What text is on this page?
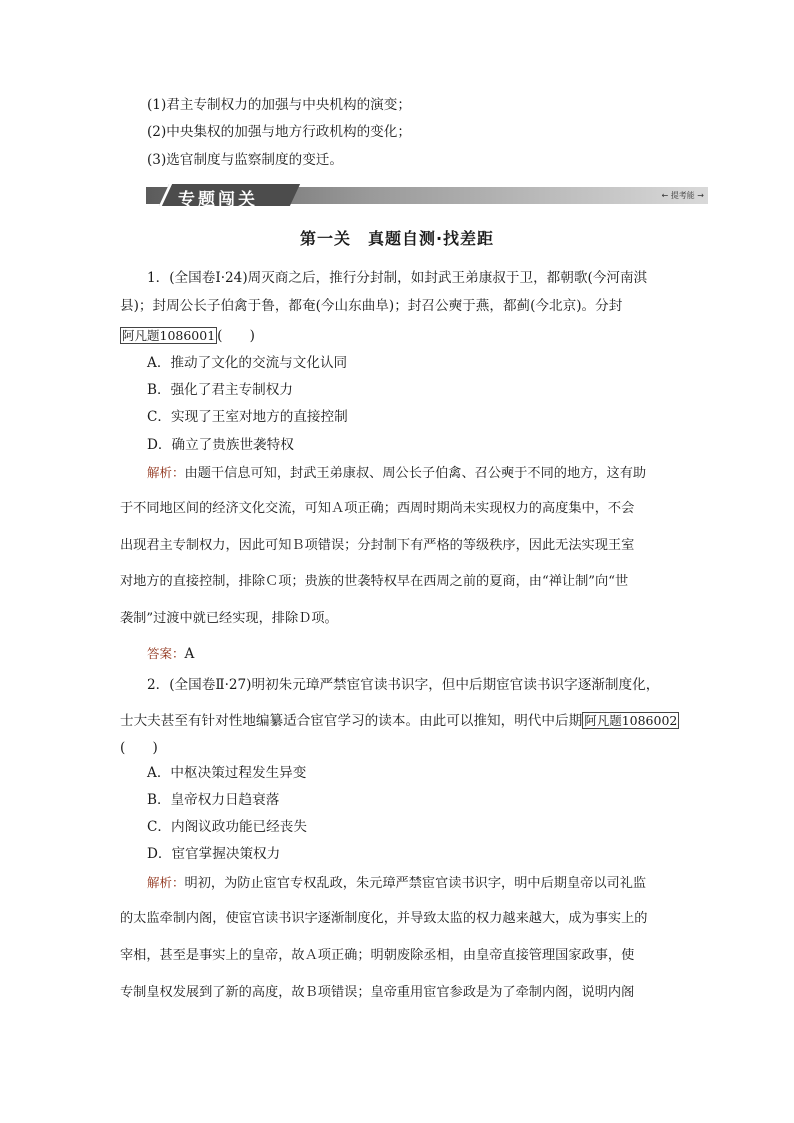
(1)君主专制权力的加强与中央机构的演变；
(2)中央集权的加强与地方行政机构的变化；
(3)选官制度与监察制度的变迁。
专题闯关	← 提考能 →
第一关　真题自测·找差距
1．(全国卷Ⅰ·24)周灭商之后，推行分封制，如封武王弟康叔于卫，都朝歌(今河南淇
县)；封周公长子伯禽于鲁，都奄(今山东曲阜)；封召公奭于燕，都蓟(今北京)。分封
阿凡题1086001 (　　)
A．推动了文化的交流与文化认同
B．强化了君主专制权力
C．实现了王室对地方的直接控制
D．确立了贵族世袭特权
解析：由题干信息可知，封武王弟康叔、周公长子伯禽、召公奭于不同的地方，这有助
于不同地区间的经济文化交流，可知Ａ项正确；西周时期尚未实现权力的高度集中，不会
出现君主专制权力，因此可知Ｂ项错误；分封制下有严格的等级秩序，因此无法实现王室
对地方的直接控制，排除Ｃ项；贵族的世袭特权早在西周之前的夏商，由“禅让制”向“世
袭制”过渡中就已经实现，排除Ｄ项。
答案：A
2．(全国卷Ⅱ·27)明初朱元璋严禁宦官读书识字，但中后期宦官读书识字逐渐制度化，
士大夫甚至有针对性地编纂适合宦官学习的读本。由此可以推知，明代中后期 阿凡题1086002
(　　)
A．中枢决策过程发生异变
B．皇帝权力日趋衰落
C．内阁议政功能已经丧失
D．宦官掌握决策权力
解析：明初，为防止宦官专权乱政，朱元璋严禁宦官读书识字，明中后期皇帝以司礼监
的太监牵制内阁，使宦官读书识字逐渐制度化，并导致太监的权力越来越大，成为事实上的
宰相，甚至是事实上的皇帝，故Ａ项正确；明朝废除丞相，由皇帝直接管理国家政事，使
专制皇权发展到了新的高度，故Ｂ项错误；皇帝重用宦官参政是为了牵制内阁，说明内阁
